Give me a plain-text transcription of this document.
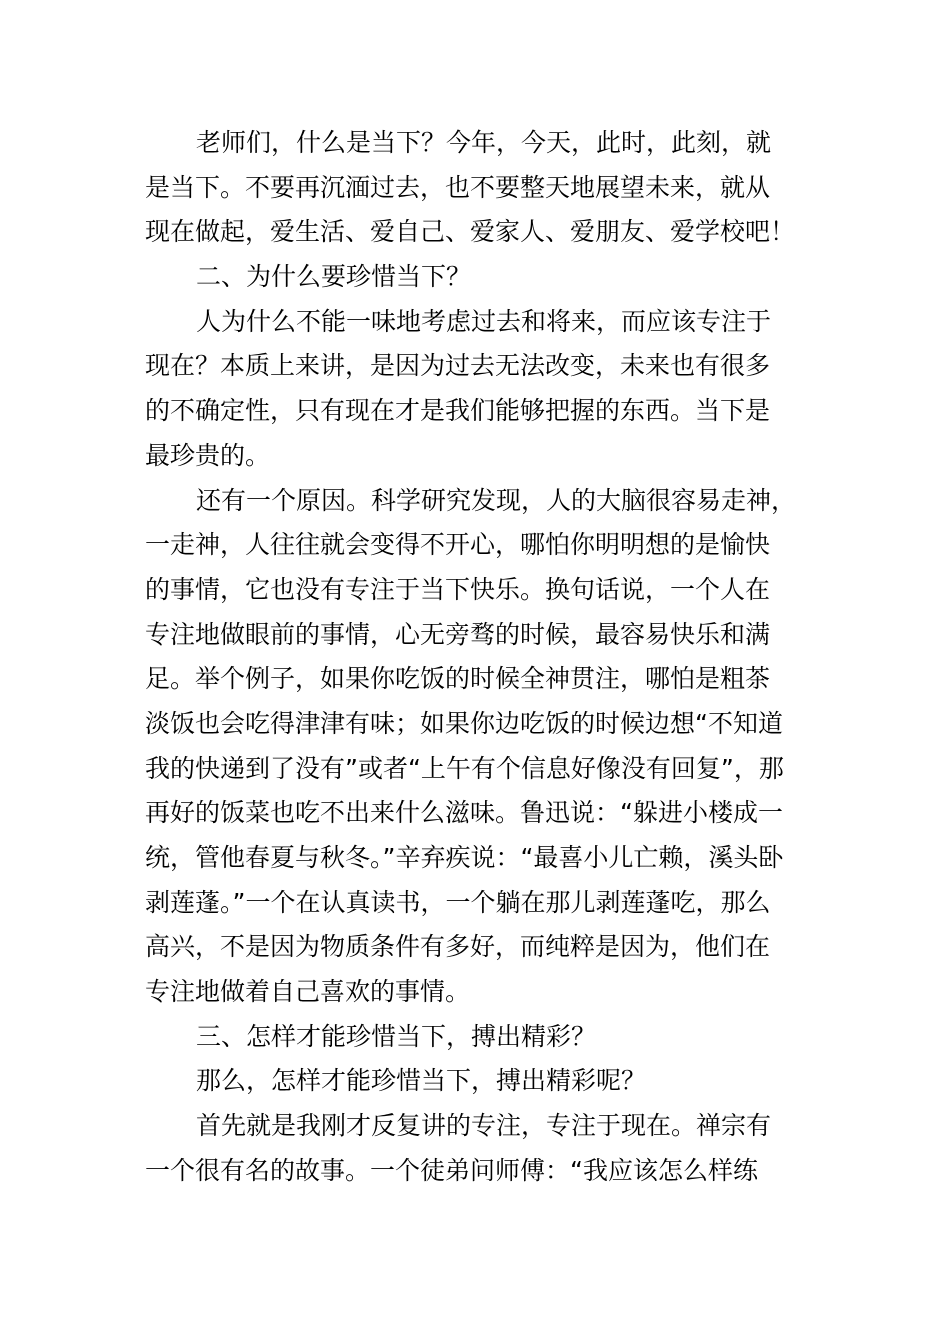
老师们，什么是当下？今年，今天，此时，此刻，就
是当下。不要再沉湎过去，也不要整天地展望未来，就从
现在做起，爱生活、爱自己、爱家人、爱朋友、爱学校吧！
二、为什么要珍惜当下？
人为什么不能一味地考虑过去和将来，而应该专注于
现在？本质上来讲，是因为过去无法改变，未来也有很多
的不确定性，只有现在才是我们能够把握的东西。当下是
最珍贵的。
还有一个原因。科学研究发现，人的大脑很容易走神，
一走神，人往往就会变得不开心，哪怕你明明想的是愉快
的事情，它也没有专注于当下快乐。换句话说，一个人在
专注地做眼前的事情，心无旁骛的时候，最容易快乐和满
足。举个例子，如果你吃饭的时候全神贯注，哪怕是粗茶
淡饭也会吃得津津有味；如果你边吃饭的时候边想“不知道
我的快递到了没有”或者“上午有个信息好像没有回复”，那
再好的饭菜也吃不出来什么滋味。鲁迅说：“躲进小楼成一
统，管他春夏与秋冬。”辛弃疾说：“最喜小儿亡赖，溪头卧
剥莲蓬。”一个在认真读书，一个躺在那儿剥莲蓬吃，那么
高兴，不是因为物质条件有多好，而纯粹是因为，他们在
专注地做着自己喜欢的事情。
三、怎样才能珍惜当下，搏出精彩？
那么，怎样才能珍惜当下，搏出精彩呢？
首先就是我刚才反复讲的专注，专注于现在。禅宗有
一个很有名的故事。一个徒弟问师傅：“我应该怎么样练
